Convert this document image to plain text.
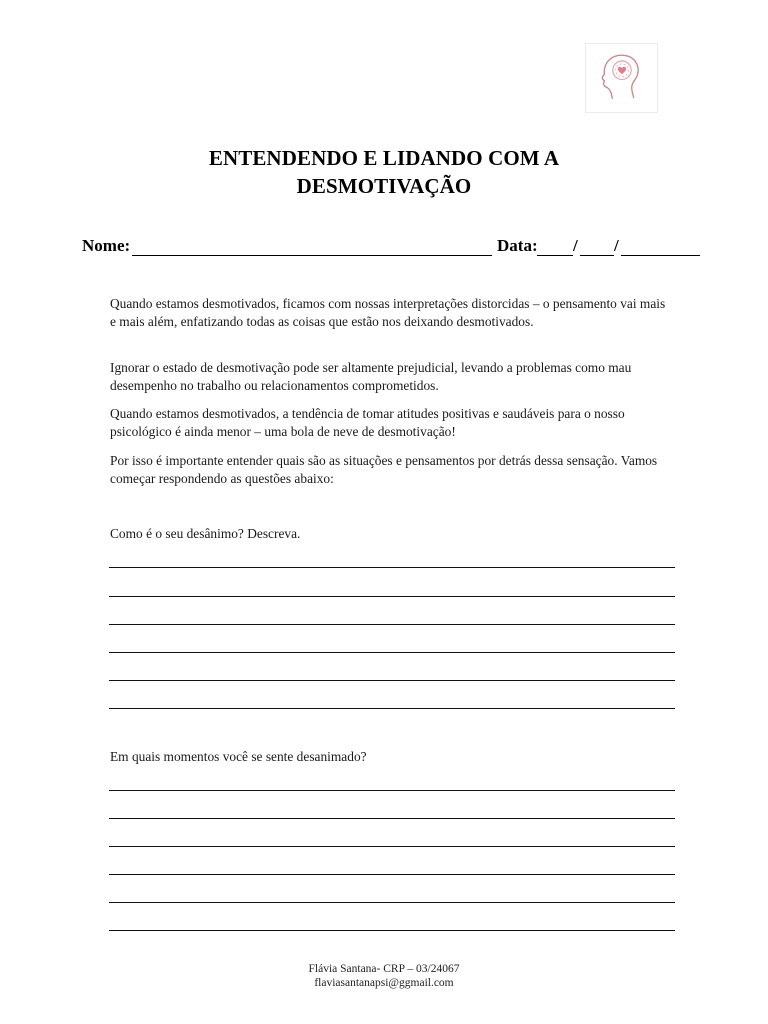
ENTENDENDO E LIDANDO COM A
DESMOTIVAÇÃO
Nome:	Data: / /

Quando estamos desmotivados, ficamos com nossas interpretações distorcidas – o pensamento vai mais e mais além, enfatizando todas as coisas que estão nos deixando desmotivados.

Ignorar o estado de desmotivação pode ser altamente prejudicial, levando a problemas como mau desempenho no trabalho ou relacionamentos comprometidos.

Quando estamos desmotivados, a tendência de tomar atitudes positivas e saudáveis para o nosso psicológico é ainda menor – uma bola de neve de desmotivação!

Por isso é importante entender quais são as situações e pensamentos por detrás dessa sensação. Vamos começar respondendo as questões abaixo:

Como é o seu desânimo? Descreva.
Em quais momentos você se sente desanimado?
Flávia Santana- CRP – 03/24067
flaviasantanapsi@ggmail.com
